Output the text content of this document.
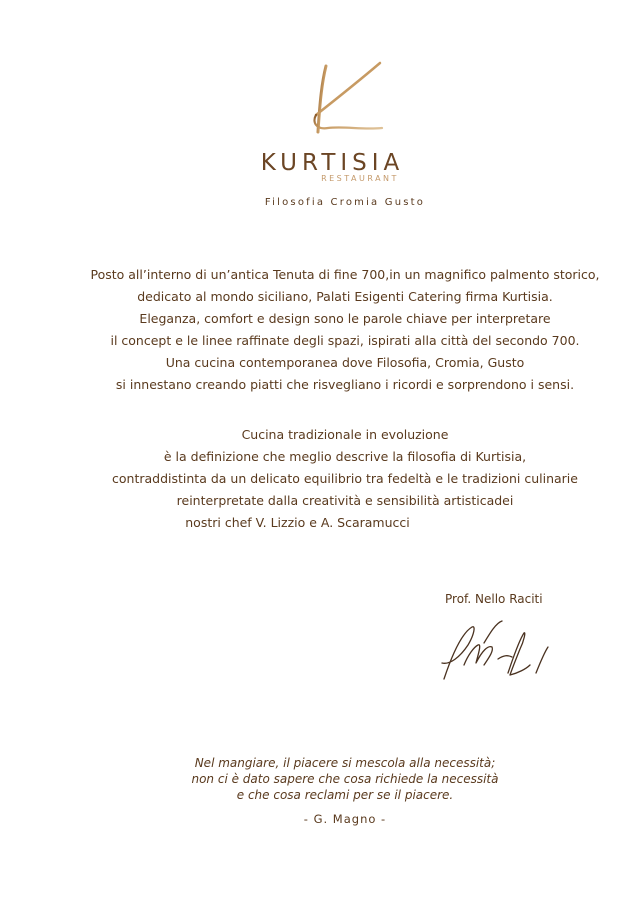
KURTISIA
RESTAURANT
Filosofia Cromia Gusto
Posto all’interno di un’antica Tenuta di fine 700,in un magnifico palmento storico,
dedicato al mondo siciliano, Palati Esigenti Catering firma Kurtisia.
Eleganza, comfort e design sono le parole chiave per interpretare
il concept e le linee raffinate degli spazi, ispirati alla città del secondo 700.
Una cucina contemporanea dove Filosofia, Cromia, Gusto
si innestano creando piatti che risvegliano i ricordi e sorprendono i sensi.
Cucina tradizionale in evoluzione
è la definizione che meglio descrive la filosofia di Kurtisia,
contraddistinta da un delicato equilibrio tra fedeltà e le tradizioni culinarie
reinterpretate dalla creatività e sensibilità artisticadei
nostri chef V. Lizzio e A. Scaramucci
Prof. Nello Raciti
Nel mangiare, il piacere si mescola alla necessità;
non ci è dato sapere che cosa richiede la necessità
e che cosa reclami per se il piacere.
- G. Magno -
